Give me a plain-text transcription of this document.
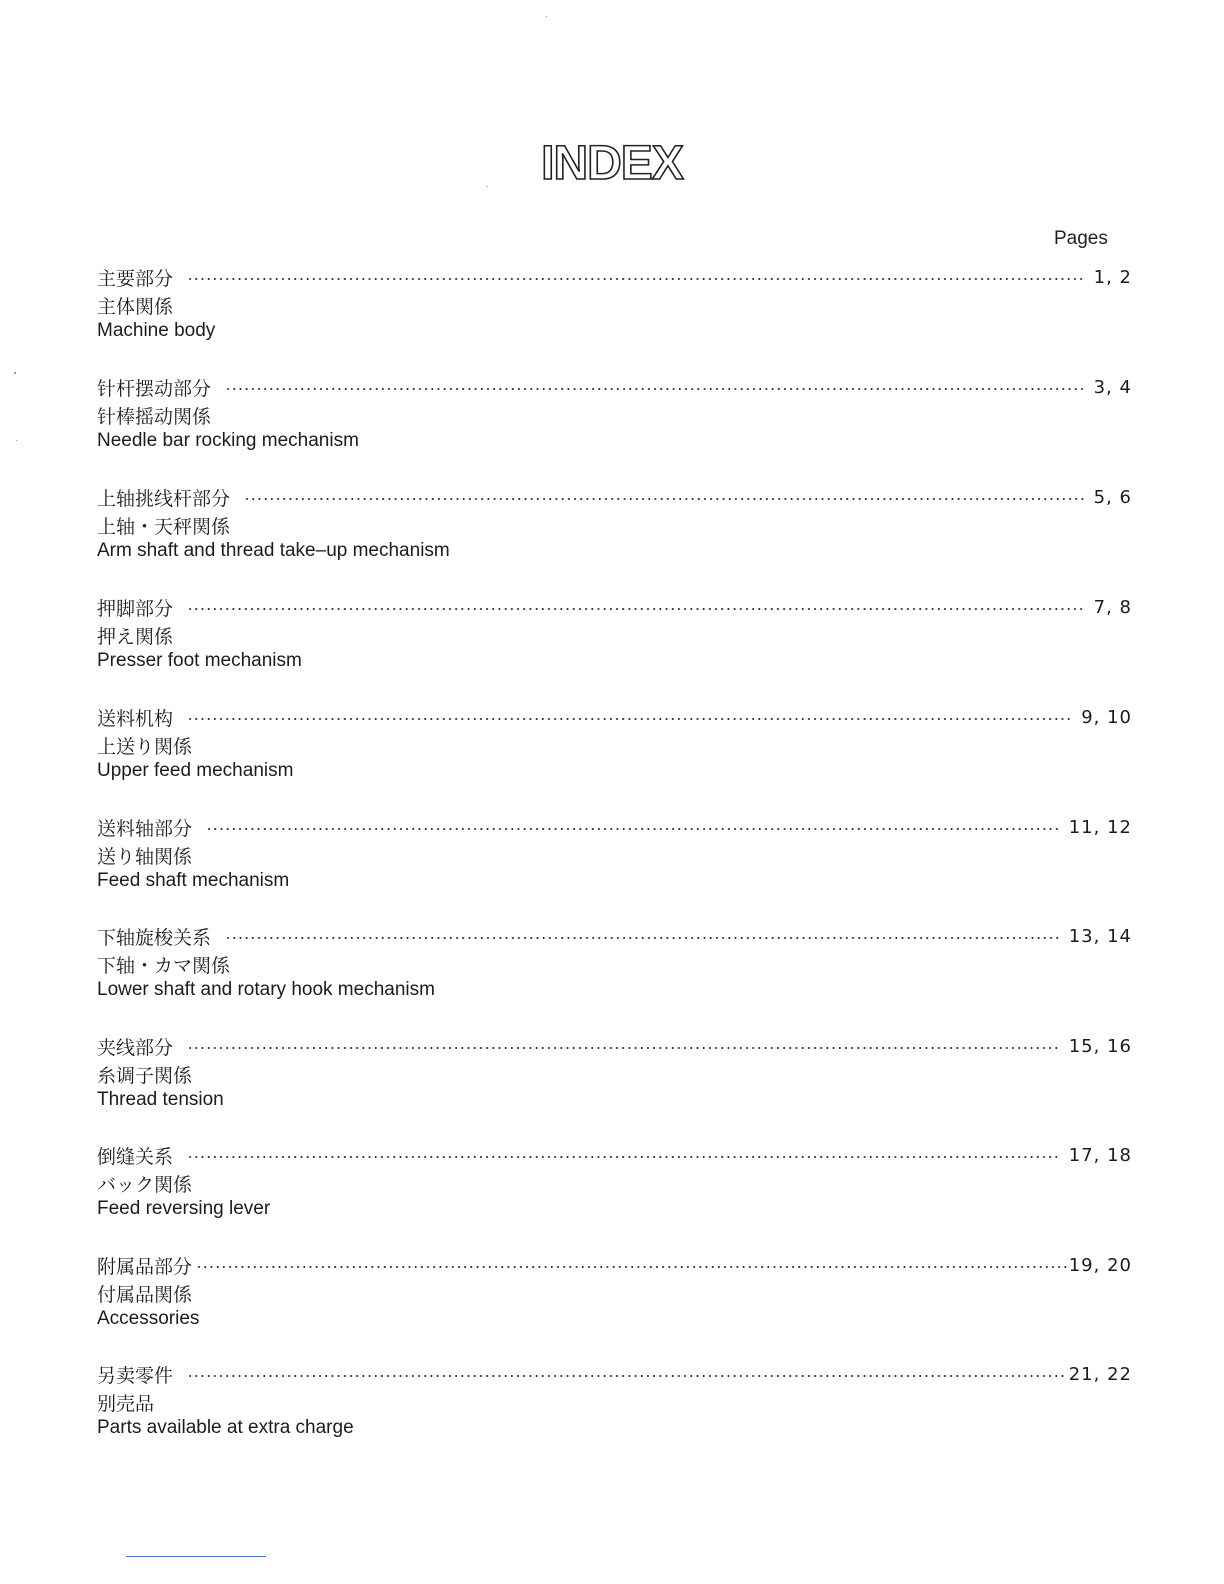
INDEX
Pages
主要部分	1, 2
主体関係
Machine body
针杆摆动部分	3, 4
针棒摇动関係
Needle bar rocking mechanism
上轴挑线杆部分	5, 6
上轴・天秤関係
Arm shaft and thread take–up mechanism
押脚部分	7, 8
押え関係
Presser foot mechanism
送料机构	9, 10
上送り関係
Upper feed mechanism
送料轴部分	11, 12
送り轴関係
Feed shaft mechanism
下轴旋梭关系	13, 14
下轴・カマ関係
Lower shaft and rotary hook mechanism
夹线部分	15, 16
糸调子関係
Thread tension
倒缝关系	17, 18
バック関係
Feed reversing lever
附属品部分	19, 20
付属品関係
Accessories
另卖零件	21, 22
别売品
Parts available at extra charge
